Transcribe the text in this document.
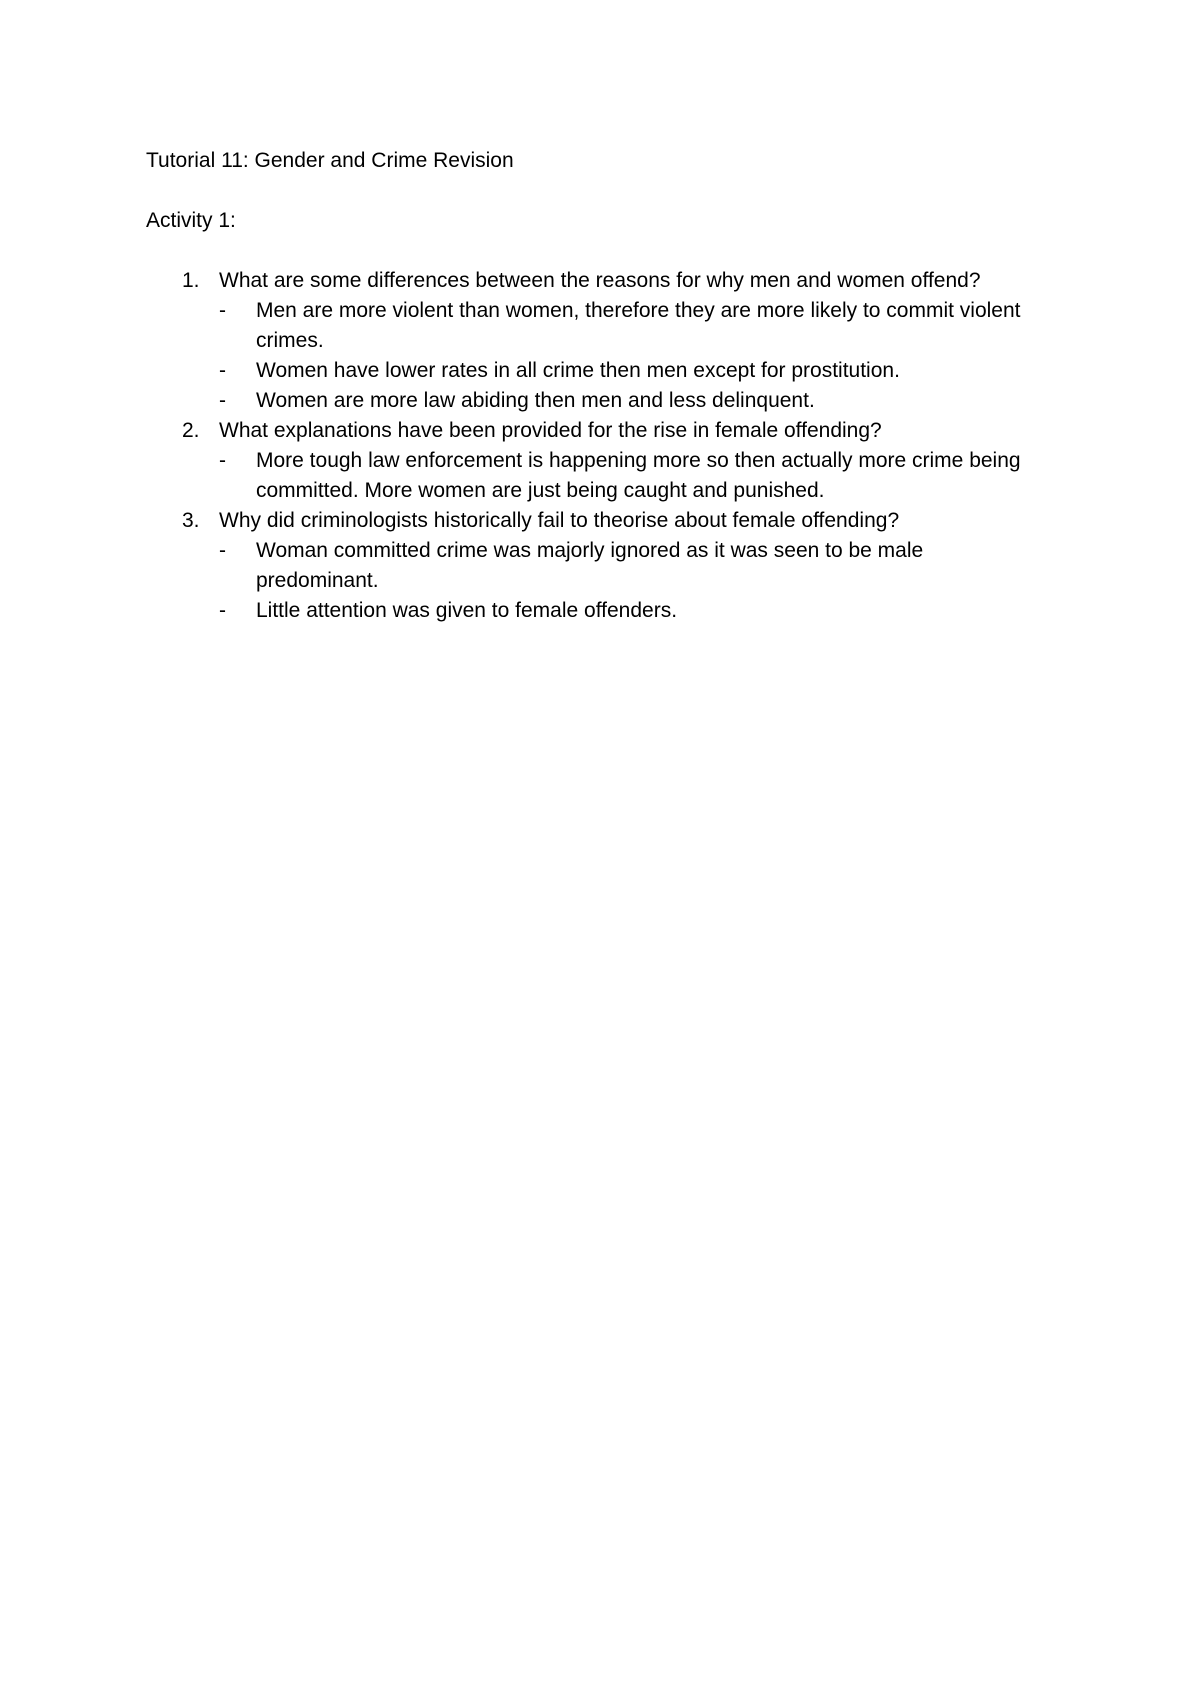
Tutorial 11: Gender and Crime Revision

Activity 1:

1. What are some differences between the reasons for why men and women offend?
- Men are more violent than women, therefore they are more likely to commit violent crimes.
- Women have lower rates in all crime then men except for prostitution.
- Women are more law abiding then men and less delinquent.
2. What explanations have been provided for the rise in female offending?
- More tough law enforcement is happening more so then actually more crime being committed. More women are just being caught and punished.
3. Why did criminologists historically fail to theorise about female offending?
- Woman committed crime was majorly ignored as it was seen to be male predominant.
- Little attention was given to female offenders.
